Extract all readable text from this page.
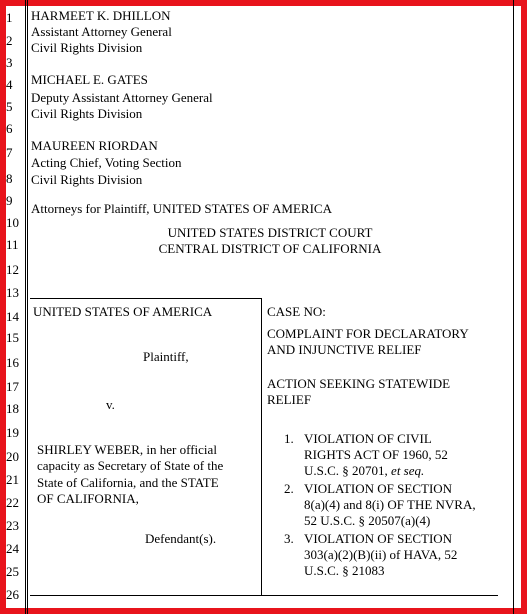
1
2
3
4
5
6
7
8
9
10
11
12
13
14
15
16
17
18
19
20
21
22
23
24
25
26
HARMEET K. DHILLON
Assistant Attorney General
Civil Rights Division
MICHAEL E. GATES
Deputy Assistant Attorney General
Civil Rights Division
MAUREEN RIORDAN
Acting Chief, Voting Section
Civil Rights Division
Attorneys for Plaintiff, UNITED STATES OF AMERICA
UNITED STATES DISTRICT COURT
CENTRAL DISTRICT OF CALIFORNIA
UNITED STATES OF AMERICA
Plaintiff,
v.
SHIRLEY WEBER, in her official
capacity as Secretary of State of the
State of California, and the STATE
OF CALIFORNIA,
Defendant(s).
CASE NO:
COMPLAINT FOR DECLARATORY
AND INJUNCTIVE RELIEF
ACTION SEEKING STATEWIDE
RELIEF
1. VIOLATION OF CIVIL
RIGHTS ACT OF 1960, 52
U.S.C. § 20701, et seq.
2. VIOLATION OF SECTION
8(a)(4) and 8(i) OF THE NVRA,
52 U.S.C. § 20507(a)(4)
3. VIOLATION OF SECTION
303(a)(2)(B)(ii) of HAVA, 52
U.S.C. § 21083
